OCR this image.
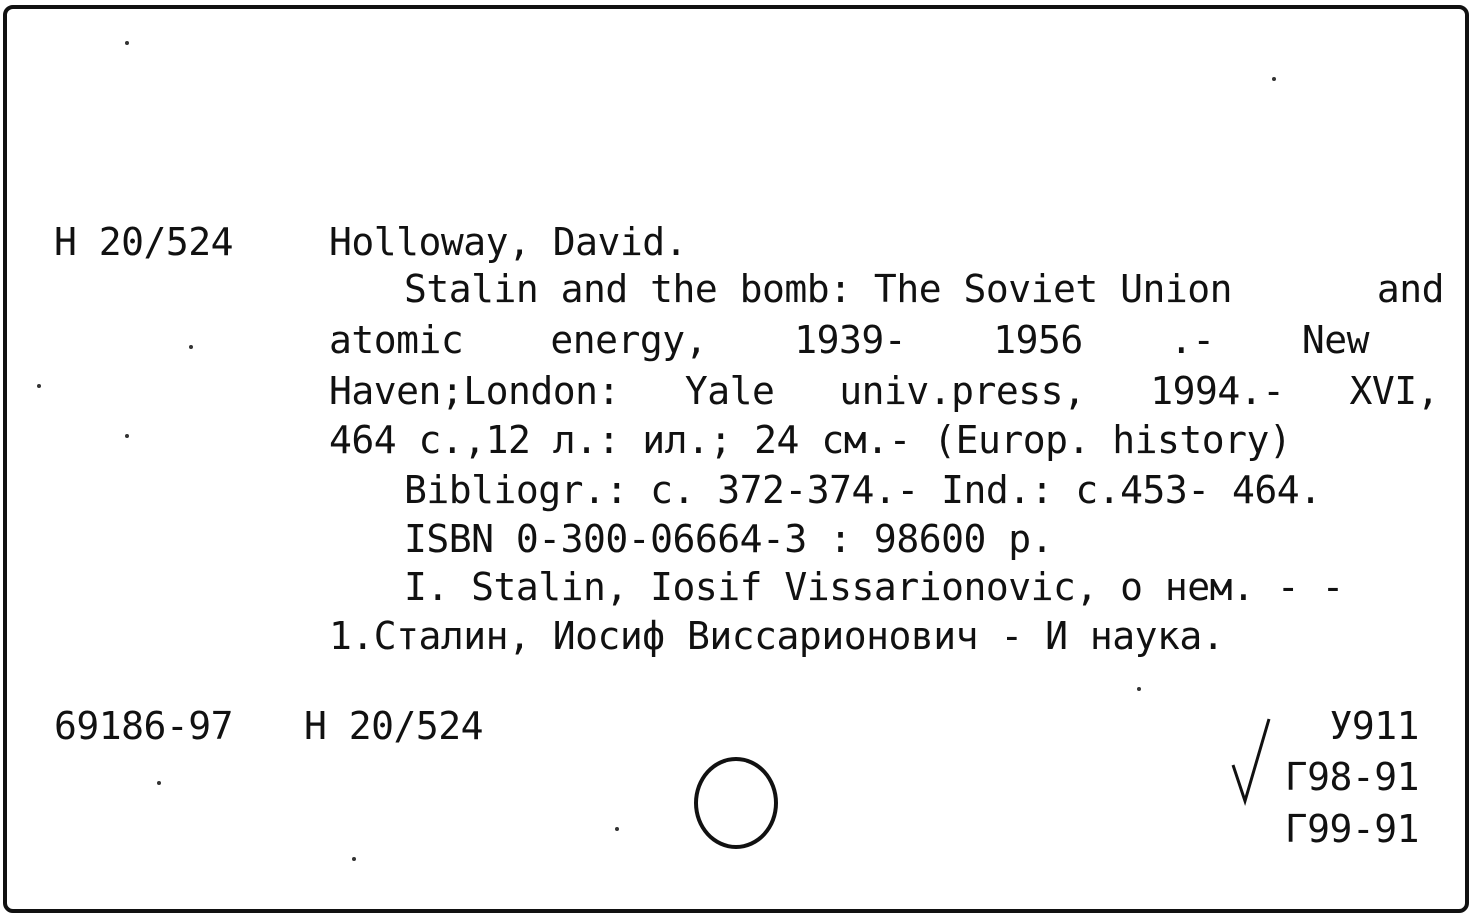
Н 20/524	Holloway, David.
Stalin and the bomb: The Soviet Union	and
atomic energy, 1939- 1956 .- New
Haven;London: Yale univ.press, 1994.- XVI,
464 с.,12 л.: ил.; 24 см.- (Europ. history)
Bibliogr.: с. 372-374.- Ind.: с.453- 464.
ISBN 0-300-06664-3 : 98600 р.
I. Stalin, Iosif Vissarionovic, о нем. - -
1.Сталин, Иосиф Виссарионович - И наука.
69186-97 Н 20/524	У911
Г98-91
Г99-91
